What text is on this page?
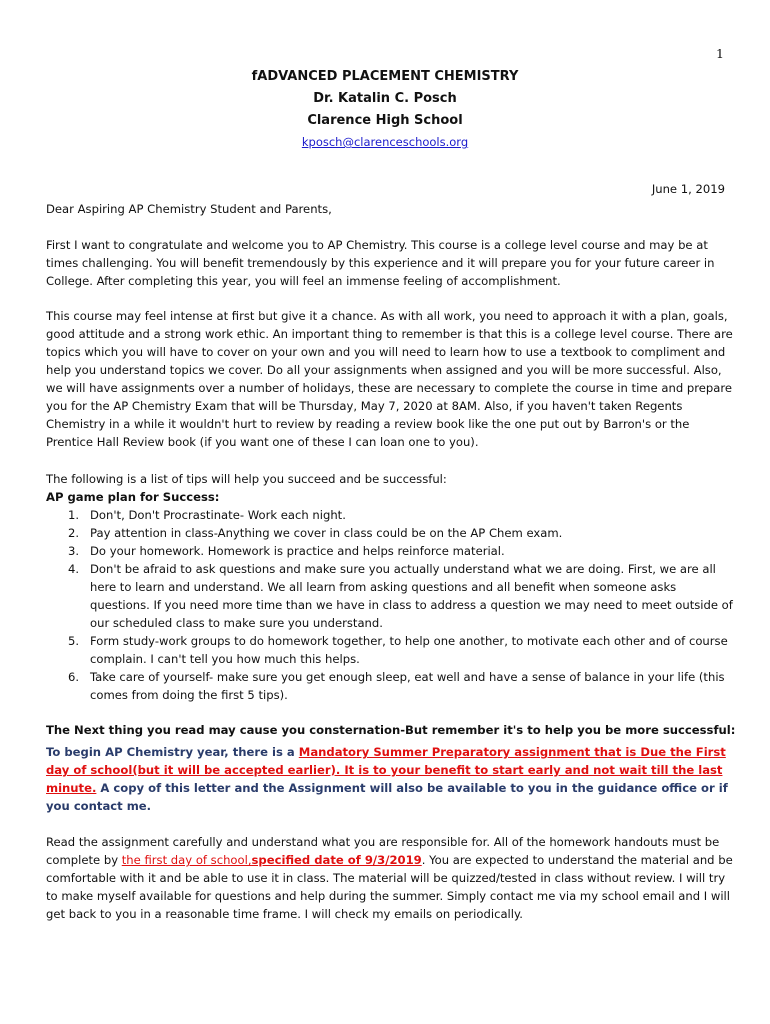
1
fADVANCED PLACEMENT CHEMISTRY
Dr. Katalin C. Posch
Clarence High School
kposch@clarenceschools.org
June 1, 2019
Dear Aspiring AP Chemistry Student and Parents,
First I want to congratulate and welcome you to AP Chemistry. This course is a college level course and may be at times challenging. You will benefit tremendously by this experience and it will prepare you for your future career in College. After completing this year, you will feel an immense feeling of accomplishment.
This course may feel intense at first but give it a chance. As with all work, you need to approach it with a plan, goals, good attitude and a strong work ethic. An important thing to remember is that this is a college level course. There are topics which you will have to cover on your own and you will need to learn how to use a textbook to compliment and help you understand topics we cover. Do all your assignments when assigned and you will be more successful. Also, we will have assignments over a number of holidays, these are necessary to complete the course in time and prepare you for the AP Chemistry Exam that will be Thursday, May 7, 2020 at 8AM. Also, if you haven't taken Regents Chemistry in a while it wouldn't hurt to review by reading a review book like the one put out by Barron's or the Prentice Hall Review book (if you want one of these I can loan one to you).
The following is a list of tips will help you succeed and be successful:
AP game plan for Success:
1. Don't, Don't Procrastinate- Work each night.
2. Pay attention in class-Anything we cover in class could be on the AP Chem exam.
3. Do your homework. Homework is practice and helps reinforce material.
4. Don't be afraid to ask questions and make sure you actually understand what we are doing. First, we are all here to learn and understand. We all learn from asking questions and all benefit when someone asks questions. If you need more time than we have in class to address a question we may need to meet outside of our scheduled class to make sure you understand.
5. Form study-work groups to do homework together, to help one another, to motivate each other and of course complain. I can't tell you how much this helps.
6. Take care of yourself- make sure you get enough sleep, eat well and have a sense of balance in your life (this comes from doing the first 5 tips).
The Next thing you read may cause you consternation-But remember it's to help you be more successful:
To begin AP Chemistry year, there is a Mandatory Summer Preparatory assignment that is Due the First day of school(but it will be accepted earlier). It is to your benefit to start early and not wait till the last minute. A copy of this letter and the Assignment will also be available to you in the guidance office or if you contact me.
Read the assignment carefully and understand what you are responsible for. All of the homework handouts must be complete by the first day of school,specified date of 9/3/2019. You are expected to understand the material and be comfortable with it and be able to use it in class. The material will be quizzed/tested in class without review. I will try to make myself available for questions and help during the summer. Simply contact me via my school email and I will get back to you in a reasonable time frame. I will check my emails on periodically.
